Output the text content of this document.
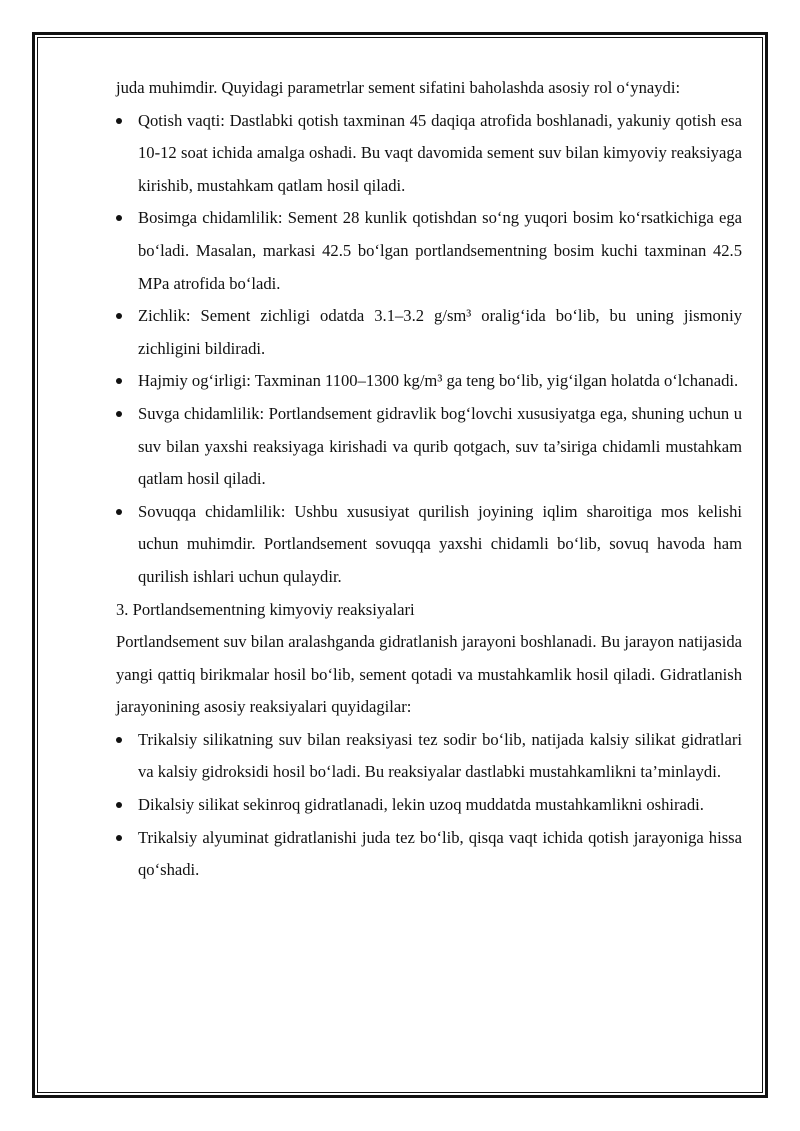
juda muhimdir. Quyidagi parametrlar sement sifatini baholashda asosiy rol o‘ynaydi:

Qotish vaqti: Dastlabki qotish taxminan 45 daqiqa atrofida boshlanadi, yakuniy qotish esa 10-12 soat ichida amalga oshadi. Bu vaqt davomida sement suv bilan kimyoviy reaksiyaga kirishib, mustahkam qatlam hosil qiladi.
Bosimga chidamlilik: Sement 28 kunlik qotishdan so‘ng yuqori bosim ko‘rsatkichiga ega bo‘ladi. Masalan, markasi 42.5 bo‘lgan portlandsementning bosim kuchi taxminan 42.5 MPa atrofida bo‘ladi.
Zichlik: Sement zichligi odatda 3.1–3.2 g/sm³ oralig‘ida bo‘lib, bu uning jismoniy zichligini bildiradi.
Hajmiy og‘irligi: Taxminan 1100–1300 kg/m³ ga teng bo‘lib, yig‘ilgan holatda o‘lchanadi.
Suvga chidamlilik: Portlandsement gidravlik bog‘lovchi xususiyatga ega, shuning uchun u suv bilan yaxshi reaksiyaga kirishadi va qurib qotgach, suv ta’siriga chidamli mustahkam qatlam hosil qiladi.
Sovuqqa chidamlilik: Ushbu xususiyat qurilish joyining iqlim sharoitiga mos kelishi uchun muhimdir. Portlandsement sovuqqa yaxshi chidamli bo‘lib, sovuq havoda ham qurilish ishlari uchun qulaydir.

3. Portlandsementning kimyoviy reaksiyalari

Portlandsement suv bilan aralashganda gidratlanish jarayoni boshlanadi. Bu jarayon natijasida yangi qattiq birikmalar hosil bo‘lib, sement qotadi va mustahkamlik hosil qiladi. Gidratlanish jarayonining asosiy reaksiyalari quyidagilar:

Trikalsiy silikatning suv bilan reaksiyasi tez sodir bo‘lib, natijada kalsiy silikat gidratlari va kalsiy gidroksidi hosil bo‘ladi. Bu reaksiyalar dastlabki mustahkamlikni ta’minlaydi.
Dikalsiy silikat sekinroq gidratlanadi, lekin uzoq muddatda mustahkamlikni oshiradi.
Trikalsiy alyuminat gidratlanishi juda tez bo‘lib, qisqa vaqt ichida qotish jarayoniga hissa qo‘shadi.
